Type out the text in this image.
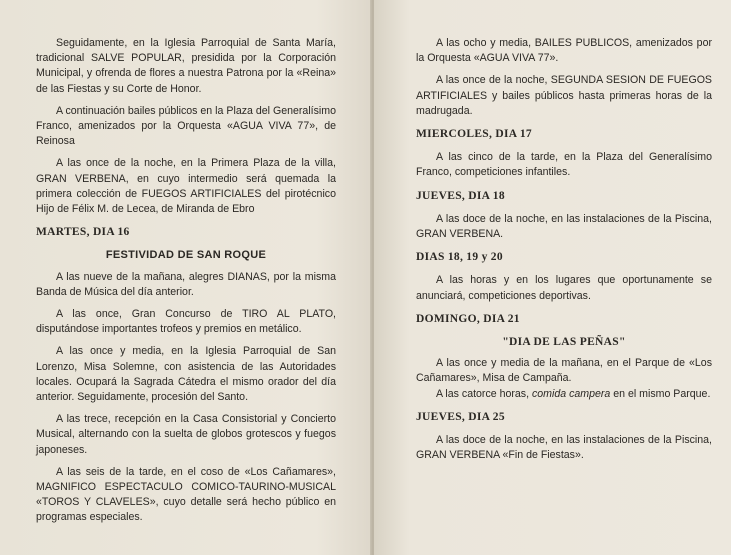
Seguidamente, en la Iglesia Parroquial de Santa María, tradicional SALVE POPULAR, presidida por la Corporación Municipal, y ofrenda de flores a nuestra Patrona por la «Reina» de las Fiestas y su Corte de Honor.

A continuación bailes públicos en la Plaza del Generalísimo Franco, amenizados por la Orquesta «AGUA VIVA 77», de Reinosa

A las once de la noche, en la Primera Plaza de la villa, GRAN VERBENA, en cuyo intermedio será quemada la primera colección de FUEGOS ARTIFICIALES del pirotécnico Hijo de Félix M. de Lecea, de Miranda de Ebro

MARTES, DIA 16
FESTIVIDAD DE SAN ROQUE

A las nueve de la mañana, alegres DIANAS, por la misma Banda de Música del día anterior.

A las once, Gran Concurso de TIRO AL PLATO, disputándose importantes trofeos y premios en metálico.

A las once y media, en la Iglesia Parroquial de San Lorenzo, Misa Solemne, con asistencia de las Autoridades locales. Ocupará la Sagrada Cátedra el mismo orador del día anterior. Seguidamente, procesión del Santo.

A las trece, recepción en la Casa Consistorial y Concierto Musical, alternando con la suelta de globos grotescos y fuegos japoneses.

A las seis de la tarde, en el coso de «Los Cañamares», MAGNIFICO ESPECTACULO COMICO-TAURINO-MUSICAL «TOROS Y CLAVELES», cuyo detalle será hecho público en programas especiales.

A las ocho y media, BAILES PUBLICOS, amenizados por la Orquesta «AGUA VIVA 77».

A las once de la noche, SEGUNDA SESION DE FUEGOS ARTIFICIALES y bailes públicos hasta primeras horas de la madrugada.

MIERCOLES, DIA 17

A las cinco de la tarde, en la Plaza del Generalísimo Franco, competiciones infantiles.

JUEVES, DIA 18

A las doce de la noche, en las instalaciones de la Piscina, GRAN VERBENA.

DIAS 18, 19 y 20

A las horas y en los lugares que oportunamente se anunciará, competiciones deportivas.

DOMINGO, DIA 21
"DIA DE LAS PEÑAS"

A las once y media de la mañana, en el Parque de «Los Cañamares», Misa de Campaña.

A las catorce horas, comida campera en el mismo Parque.

JUEVES, DIA 25

A las doce de la noche, en las instalaciones de la Piscina, GRAN VERBENA «Fin de Fiestas».
